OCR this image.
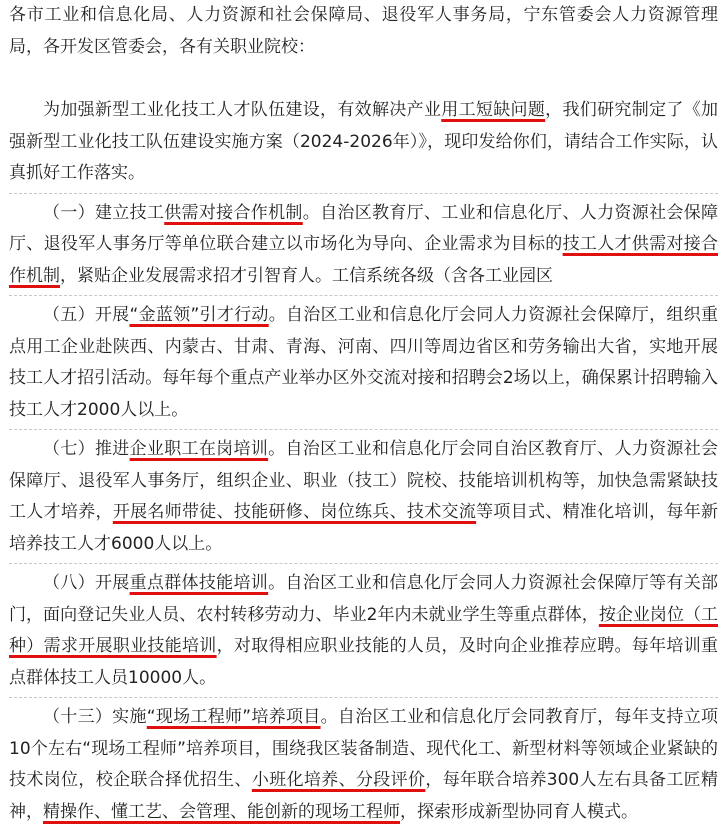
各市工业和信息化局、人力资源和社会保障局、退役军人事务局，宁东管委会人力资源管理局，各开发区管委会，各有关职业院校：

为加强新型工业化技工人才队伍建设，有效解决产业用工短缺问题，我们研究制定了《加强新型工业化技工队伍建设实施方案（2024-2026年）》，现印发给你们，请结合工作实际，认真抓好工作落实。

（一）建立技工供需对接合作机制。自治区教育厅、工业和信息化厅、人力资源社会保障厅、退役军人事务厅等单位联合建立以市场化为导向、企业需求为目标的技工人才供需对接合作机制，紧贴企业发展需求招才引智育人。工信系统各级（含各工业园区

（五）开展“金蓝领”引才行动。自治区工业和信息化厅会同人力资源社会保障厅，组织重点用工企业赴陕西、内蒙古、甘肃、青海、河南、四川等周边省区和劳务输出大省，实地开展技工人才招引活动。每年每个重点产业举办区外交流对接和招聘会2场以上，确保累计招聘输入技工人才2000人以上。

（七）推进企业职工在岗培训。自治区工业和信息化厅会同自治区教育厅、人力资源社会保障厅、退役军人事务厅，组织企业、职业（技工）院校、技能培训机构等，加快急需紧缺技工人才培养，开展名师带徒、技能研修、岗位练兵、技术交流等项目式、精准化培训，每年新培养技工人才6000人以上。

（八）开展重点群体技能培训。自治区工业和信息化厅会同人力资源社会保障厅等有关部门，面向登记失业人员、农村转移劳动力、毕业2年内未就业学生等重点群体，按企业岗位（工种）需求开展职业技能培训，对取得相应职业技能的人员，及时向企业推荐应聘。每年培训重点群体技工人员10000人。

（十三）实施“现场工程师”培养项目。自治区工业和信息化厅会同教育厅，每年支持立项10个左右“现场工程师”培养项目，围绕我区装备制造、现代化工、新型材料等领域企业紧缺的技术岗位，校企联合择优招生、小班化培养、分段评价，每年联合培养300人左右具备工匠精神，精操作、懂工艺、会管理、能创新的现场工程师，探索形成新型协同育人模式。
